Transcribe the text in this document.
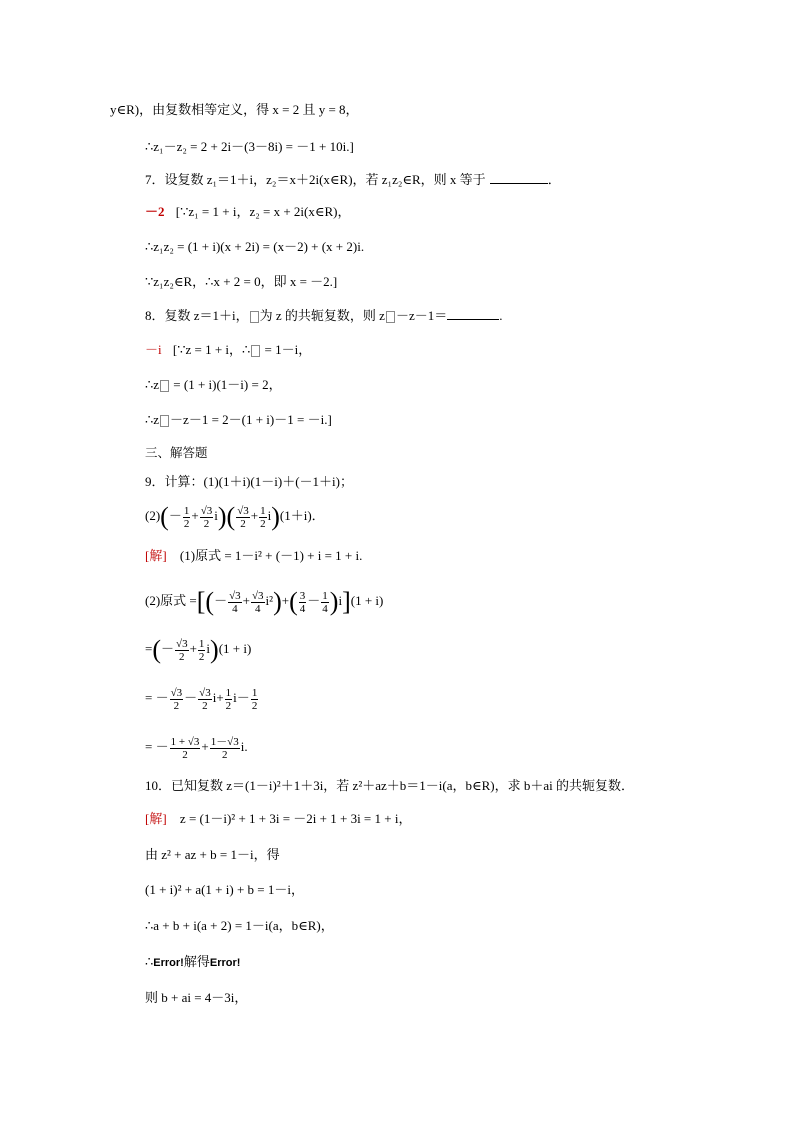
y∈R)，由复数相等定义，得 x = 2 且 y = 8，
∴z₁－z₂ = 2 + 2i－(3－8i) = －1 + 10i.]
7．设复数 z₁＝1＋i，z₂＝x＋2i(x∈R)，若 z₁z₂∈R，则 x 等于	．
－2 [∵z₁ = 1 + i，z₂ = x + 2i(x∈R)，
∴z₁z₂ = (1 + i)(x + 2i) = (x－2) + (x + 2)i.
∵z₁z₂∈R，∴x + 2 = 0，即 x = －2.]
8．复数 z＝1＋i， 为 z 的共轭复数，则 z －z－1＝	.
－i [∵z = 1 + i，∴ = 1－i，
∴z = (1 + i)(1－i) = 2，
∴z －z－1 = 2－(1 + i)－1 = －i.]
三、解答题
9．计算：(1)(1＋i)(1－i)＋(－1＋i)；
$(2)(- \frac{1}{2} + \frac{√3}{2} i)( \frac{√3}{2} + \frac{1}{2} i)(1+i)$．
[解] (1)原式 = 1－i² + (－1) + i = 1 + i.
(2)原式 =[(－ $\frac{√3}{4} + \frac{√3}{4} i^2)+( \frac{3}{4} - \frac{1}{4} )i](1 + i)$
=(－ $\frac{√3}{2} + \frac{1}{2} i)(1 + i)$
= － $\frac{√3}{2} - \frac{√3}{2} i+ \frac{1}{2} i- \frac{1}{2}$
= － $\frac{1 + √3}{2} + \frac{1-√3}{2} i$.
10．已知复数 z＝(1－i)²＋1＋3i，若 z²＋az＋b＝1－i(a，b∈R)，求 b＋ai 的共轭复数．
[解] z = (1－i)² + 1 + 3i = －2i + 1 + 3i = 1 + i，
由 z² + az + b = 1－i，得
(1 + i)² + a(1 + i) + b = 1－i，
∴a + b + i(a + 2) = 1－i(a，b∈R)，
∴Error!解得Error!
则 b + ai = 4－3i，
